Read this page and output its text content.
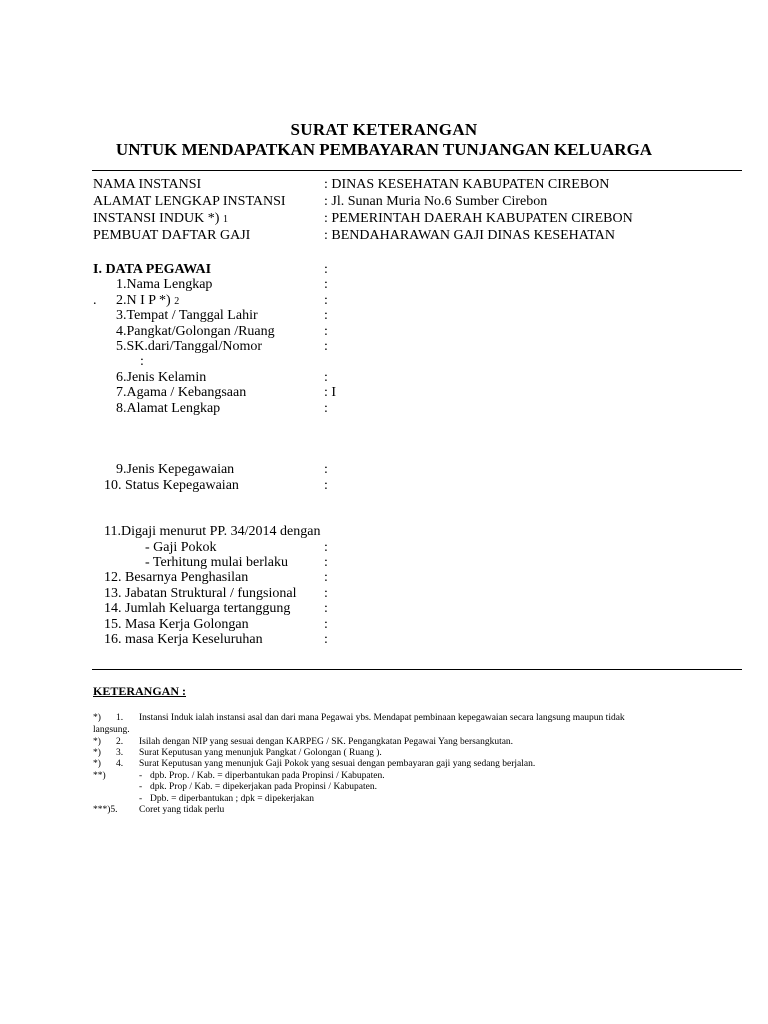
SURAT KETERANGAN
UNTUK MENDAPATKAN PEMBAYARAN TUNJANGAN KELUARGA
NAMA INSTANSI	: DINAS KESEHATAN KABUPATEN CIREBON
ALAMAT LENGKAP INSTANSI	: Jl. Sunan Muria No.6 Sumber Cirebon
INSTANSI INDUK *) 1	: PEMERINTAH DAERAH KABUPATEN CIREBON
PEMBUAT DAFTAR GAJI	: BENDAHARAWAN GAJI DINAS KESEHATAN
I. DATA PEGAWAI	:
1.Nama Lengkap	:
. 2.N I P *) 2	:
3.Tempat / Tanggal Lahir	:
4.Pangkat/Golongan /Ruang	:
5.SK.dari/Tanggal/Nomor	:
:
6.Jenis Kelamin	:
7.Agama / Kebangsaan	: I
8.Alamat Lengkap	:
9.Jenis Kepegawaian	:
10. Status Kepegawaian	:
11.Digaji menurut PP. 34/2014 dengan
- Gaji Pokok	:
- Terhitung mulai berlaku	:
12. Besarnya Penghasilan	:
13. Jabatan Struktural / fungsional :
14. Jumlah Keluarga tertanggung :
15. Masa Kerja Golongan	:
16. masa Kerja Keseluruhan	:
KETERANGAN :
*) 1. Instansi Induk ialah instansi asal dan dari mana Pegawai ybs. Mendapat pembinaan kepegawaian secara langsung maupun tidak
langsung.
*) 2. Isilah dengan NIP yang sesuai dengan KARPEG / SK. Pengangkatan Pegawai Yang bersangkutan.
*) 3. Surat Keputusan yang menunjuk Pangkat / Golongan ( Ruang ).
*) 4. Surat Keputusan yang menunjuk Gaji Pokok yang sesuai dengan pembayaran gaji yang sedang berjalan.
**)	- dpb. Prop. / Kab. = diperbantukan pada Propinsi / Kabupaten.
- dpk. Prop / Kab. = dipekerjakan pada Propinsi / Kabupaten.
- Dpb. = diperbantukan ; dpk = dipekerjakan
***)5. Coret yang tidak perlu
